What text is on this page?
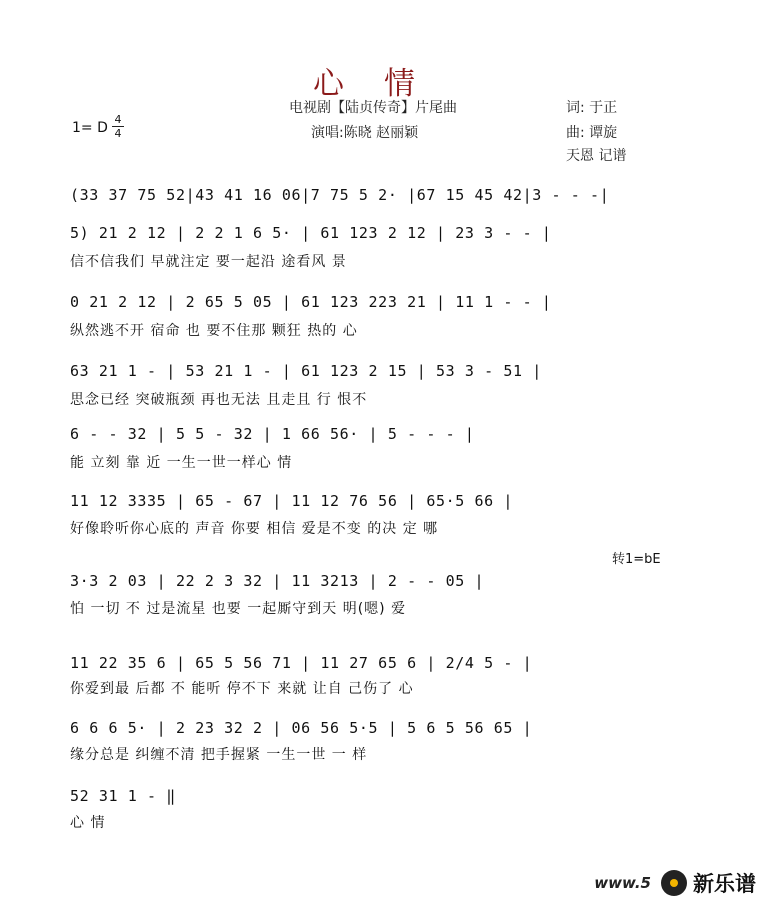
心情
电视剧【陆贞传奇】片尾曲	词: 于正
演唱:陈晓 赵丽颖	曲: 谭旋
天恩 记谱
1= D
4
4
(33 37 75 52|43 41 16 06|7 75 5 2· |67 15 45 42|3 - - -|
5) 21 2 12 | 2 2 1 6 5· | 61 123 2 12 | 23 3 - - |
信不信我们 早就注定 要一起沿 途看风 景
0 21 2 12 | 2 65 5 05 | 61 123 223 21 | 11 1 - - |
纵然逃不开 宿命 也 要不住那 颗狂 热的 心
63 21 1 - | 53 21 1 - | 61 123 2 15 | 53 3 - 51 |
思念已经 突破瓶颈 再也无法 且走且 行 恨不
6 - - 32 | 5 5 - 32 | 1 66 56· | 5 - - - |
能 立刻 靠 近 一生一世一样心 情
11 12 3335 | 65 - 67 | 11 12 76 56 | 65·5 66 |
好像聆听你心底的 声音 你要 相信 爱是不变 的决 定 哪
转1=bE
3·3 2 03 | 22 2 3 32 | 11 3213 | 2 - - 05 |
怕 一切 不 过是流星 也要 一起厮守到天 明(嗯) 爱
11 22 35 6 | 65 5 56 71 | 11 27 65 6 | 2/4 5 - |
你爱到最 后都 不 能听 停不下 来就 让自 己伤了 心
6 6 6 5· | 2 23 32 2 | 06 56 5·5 | 5 6 5 56 65 |
缘分总是 纠缠不清 把手握紧 一生一世 一 样
52 31 1 - ‖
心 情
www.5 新乐谱
